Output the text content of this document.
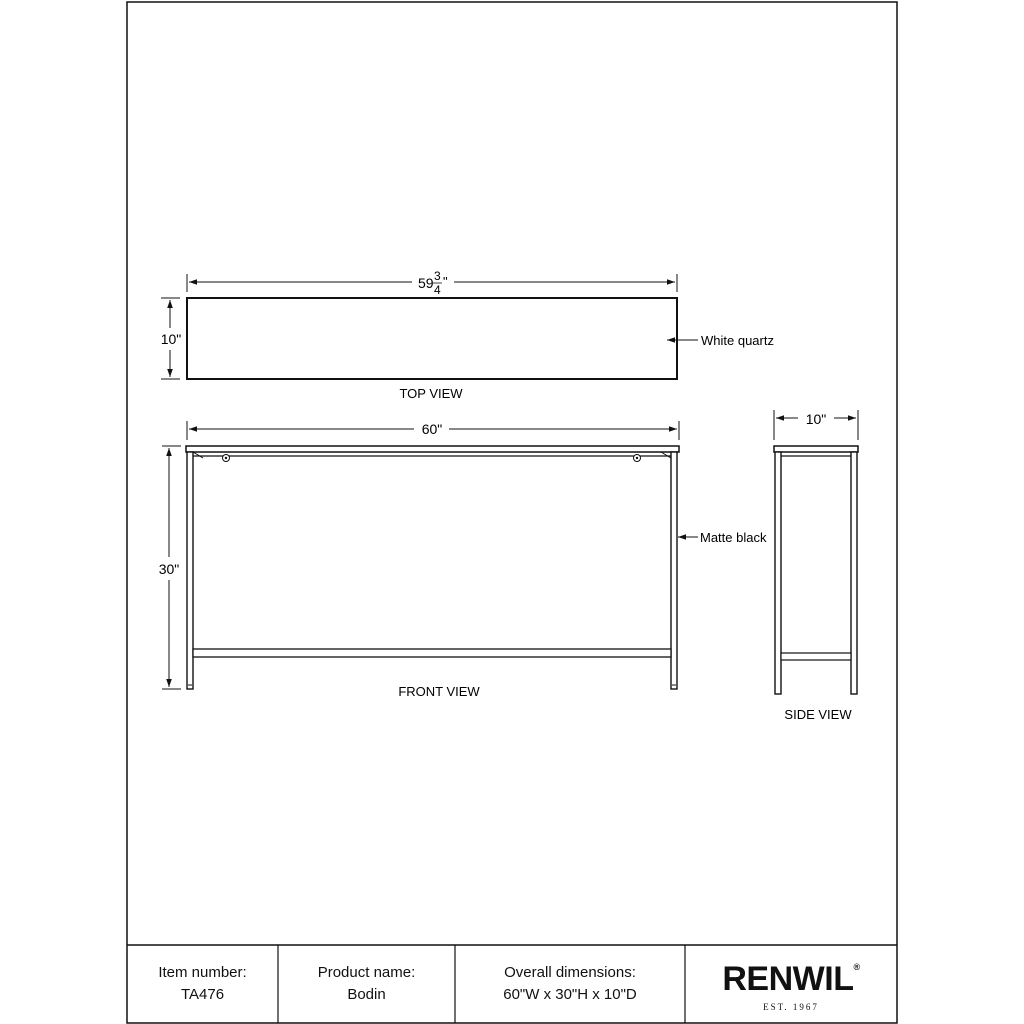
59 3
4
"
10"	White quartz
TOP VIEW
60"
30"
Matte black
FRONT VIEW
10"
SIDE VIEW
Item number:
TA476
Product name:
Bodin
Overall dimensions:
60"W x 30"H x 10"D	RENWIL®
EST. 1967
